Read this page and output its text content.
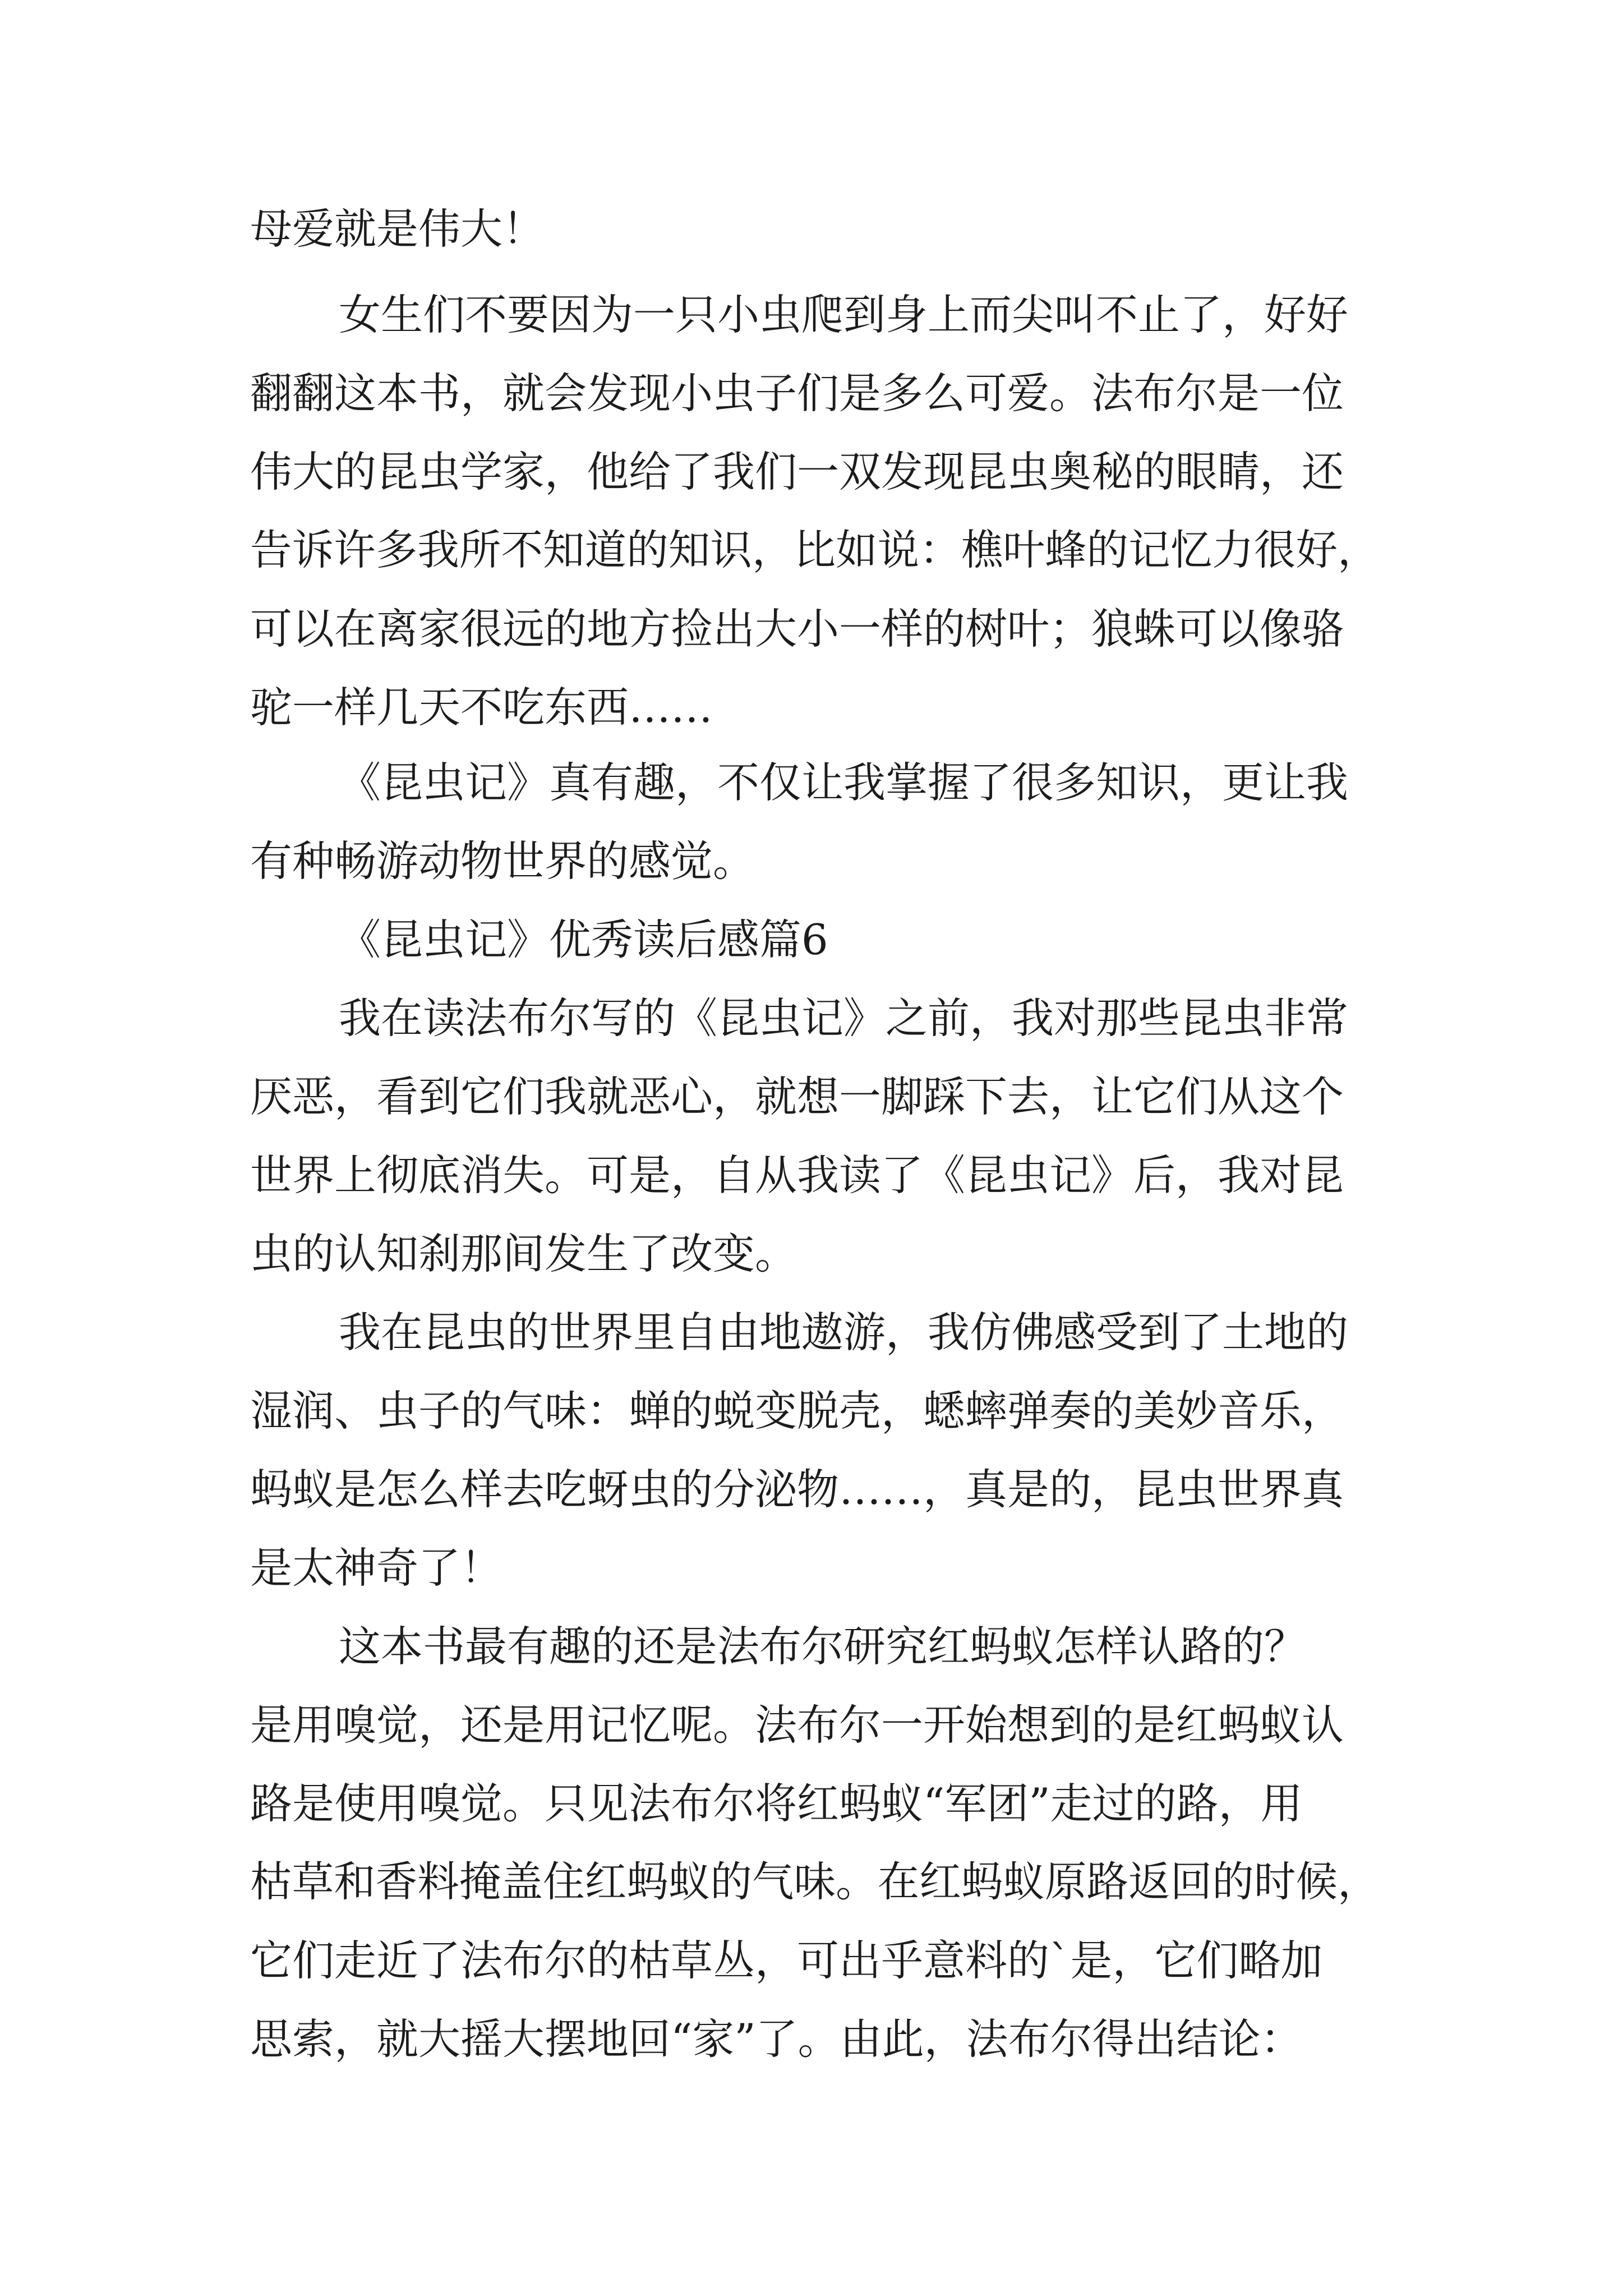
母爱就是伟大！

女生们不要因为一只小虫爬到身上而尖叫不止了，好好

翻翻这本书，就会发现小虫子们是多么可爱。法布尔是一位

伟大的昆虫学家，他给了我们一双发现昆虫奥秘的眼睛，还

告诉许多我所不知道的知识，比如说：樵叶蜂的记忆力很好，

可以在离家很远的地方捡出大小一样的树叶；狼蛛可以像骆

驼一样几天不吃东西……

《昆虫记》真有趣，不仅让我掌握了很多知识，更让我

有种畅游动物世界的感觉。

《昆虫记》优秀读后感篇6

我在读法布尔写的《昆虫记》之前，我对那些昆虫非常

厌恶，看到它们我就恶心，就想一脚踩下去，让它们从这个

世界上彻底消失。可是，自从我读了《昆虫记》后，我对昆

虫的认知刹那间发生了改变。

我在昆虫的世界里自由地遨游，我仿佛感受到了土地的

湿润、虫子的气味：蝉的蜕变脱壳，蟋蟀弹奏的美妙音乐，

蚂蚁是怎么样去吃蚜虫的分泌物……，真是的，昆虫世界真

是太神奇了！

这本书最有趣的还是法布尔研究红蚂蚁怎样认路的？

是用嗅觉，还是用记忆呢。法布尔一开始想到的是红蚂蚁认

路是使用嗅觉。只见法布尔将红蚂蚁“军团”走过的路，用

枯草和香料掩盖住红蚂蚁的气味。在红蚂蚁原路返回的时候，

它们走近了法布尔的枯草丛，可出乎意料的`是，它们略加

思索，就大摇大摆地回“家”了。由此，法布尔得出结论：
